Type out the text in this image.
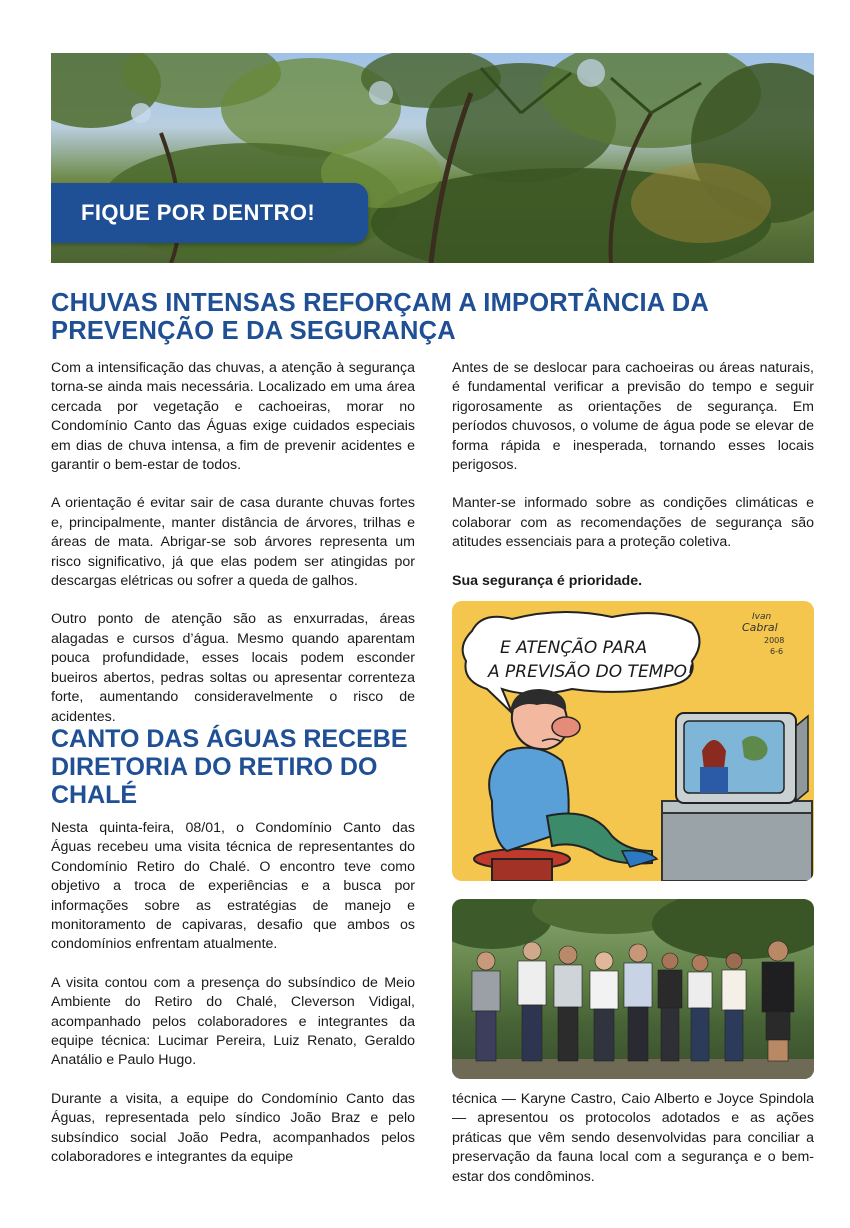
FIQUE POR DENTRO!
CHUVAS INTENSAS REFORÇAM A IMPORTÂNCIA DA PREVENÇÃO E DA SEGURANÇA

Com a intensificação das chuvas, a atenção à segurança torna-se ainda mais necessária. Localizado em uma área cercada por vegetação e cachoeiras, morar no Condomínio Canto das Águas exige cuidados especiais em dias de chuva intensa, a fim de prevenir acidentes e garantir o bem-estar de todos.

A orientação é evitar sair de casa durante chuvas fortes e, principalmente, manter distância de árvores, trilhas e áreas de mata. Abrigar-se sob árvores representa um risco significativo, já que elas podem ser atingidas por descargas elétricas ou sofrer a queda de galhos.

Outro ponto de atenção são as enxurradas, áreas alagadas e cursos d’água. Mesmo quando aparentam pouca profundidade, esses locais podem esconder bueiros abertos, pedras soltas ou apresentar correnteza forte, aumentando consideravelmente o risco de acidentes.

Antes de se deslocar para cachoeiras ou áreas naturais, é fundamental verificar a previsão do tempo e seguir rigorosamente as orientações de segurança. Em períodos chuvosos, o volume de água pode se elevar de forma rápida e inesperada, tornando esses locais perigosos.

Manter-se informado sobre as condições climáticas e colaborar com as recomendações de segurança são atitudes essenciais para a proteção coletiva.

Sua segurança é prioridade.

E ATENÇÃO PARA
A PREVISÃO DO TEMPO!
Ivan
Cabral
2008
6-6
CANTO DAS ÁGUAS RECEBE DIRETORIA DO RETIRO DO CHALÉ

Nesta quinta-feira, 08/01, o Condomínio Canto das Águas recebeu uma visita técnica de representantes do Condomínio Retiro do Chalé. O encontro teve como objetivo a troca de experiências e a busca por informações sobre as estratégias de manejo e monitoramento de capivaras, desafio que ambos os condomínios enfrentam atualmente.

A visita contou com a presença do subsíndico de Meio Ambiente do Retiro do Chalé, Cleverson Vidigal, acompanhado pelos colaboradores e integrantes da equipe técnica: Lucimar Pereira, Luiz Renato, Geraldo Anatálio e Paulo Hugo.

Durante a visita, a equipe do Condomínio Canto das Águas, representada pelo síndico João Braz e pelo subsíndico social João Pedra, acompanhados pelos colaboradores e integrantes da equipe

técnica — Karyne Castro, Caio Alberto e Joyce Spindola — apresentou os protocolos adotados e as ações práticas que vêm sendo desenvolvidas para conciliar a preservação da fauna local com a segurança e o bem-estar dos condôminos.
